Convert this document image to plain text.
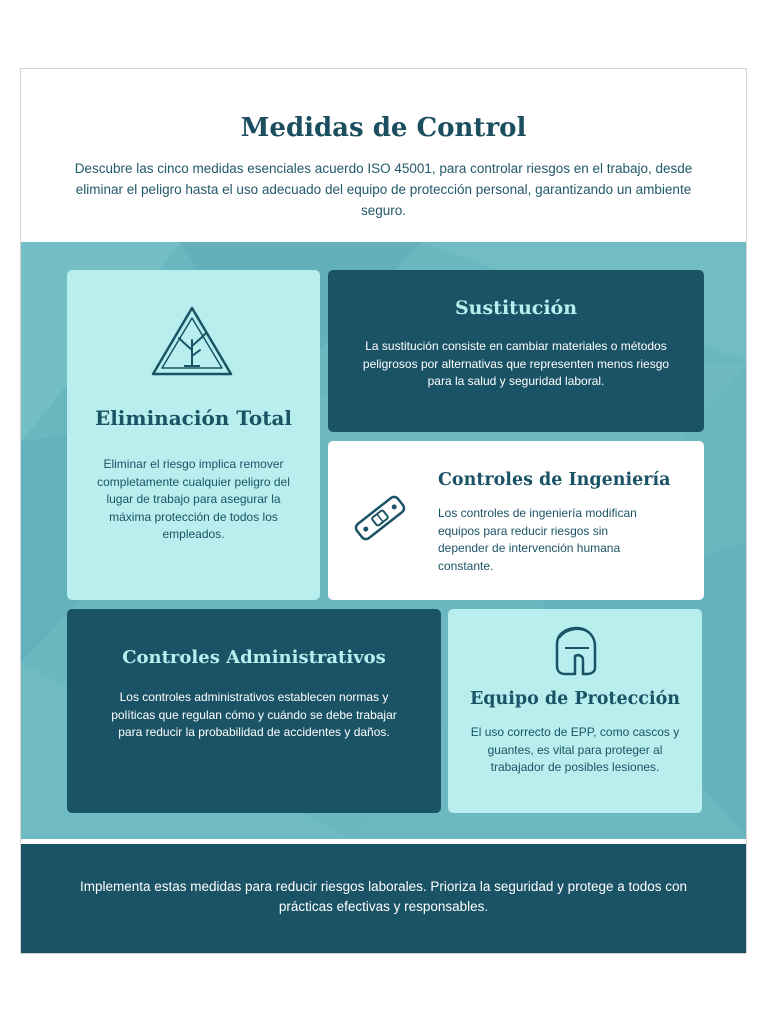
Medidas de Control
Descubre las cinco medidas esenciales acuerdo ISO 45001, para controlar riesgos en el trabajo, desde eliminar el peligro hasta el uso adecuado del equipo de protección personal, garantizando un ambiente seguro.
Eliminación Total
Eliminar el riesgo implica remover completamente cualquier peligro del lugar de trabajo para asegurar la máxima protección de todos los empleados.
Sustitución
La sustitución consiste en cambiar materiales o métodos peligrosos por alternativas que representen menos riesgo para la salud y seguridad laboral.
Controles de Ingeniería
Los controles de ingeniería modifican equipos para reducir riesgos sin depender de intervención humana constante.
Controles Administrativos
Los controles administrativos establecen normas y políticas que regulan cómo y cuándo se debe trabajar para reducir la probabilidad de accidentes y daños.
Equipo de Protección
El uso correcto de EPP, como cascos y guantes, es vital para proteger al trabajador de posibles lesiones.
Implementa estas medidas para reducir riesgos laborales. Prioriza la seguridad y protege a todos con prácticas efectivas y responsables.
